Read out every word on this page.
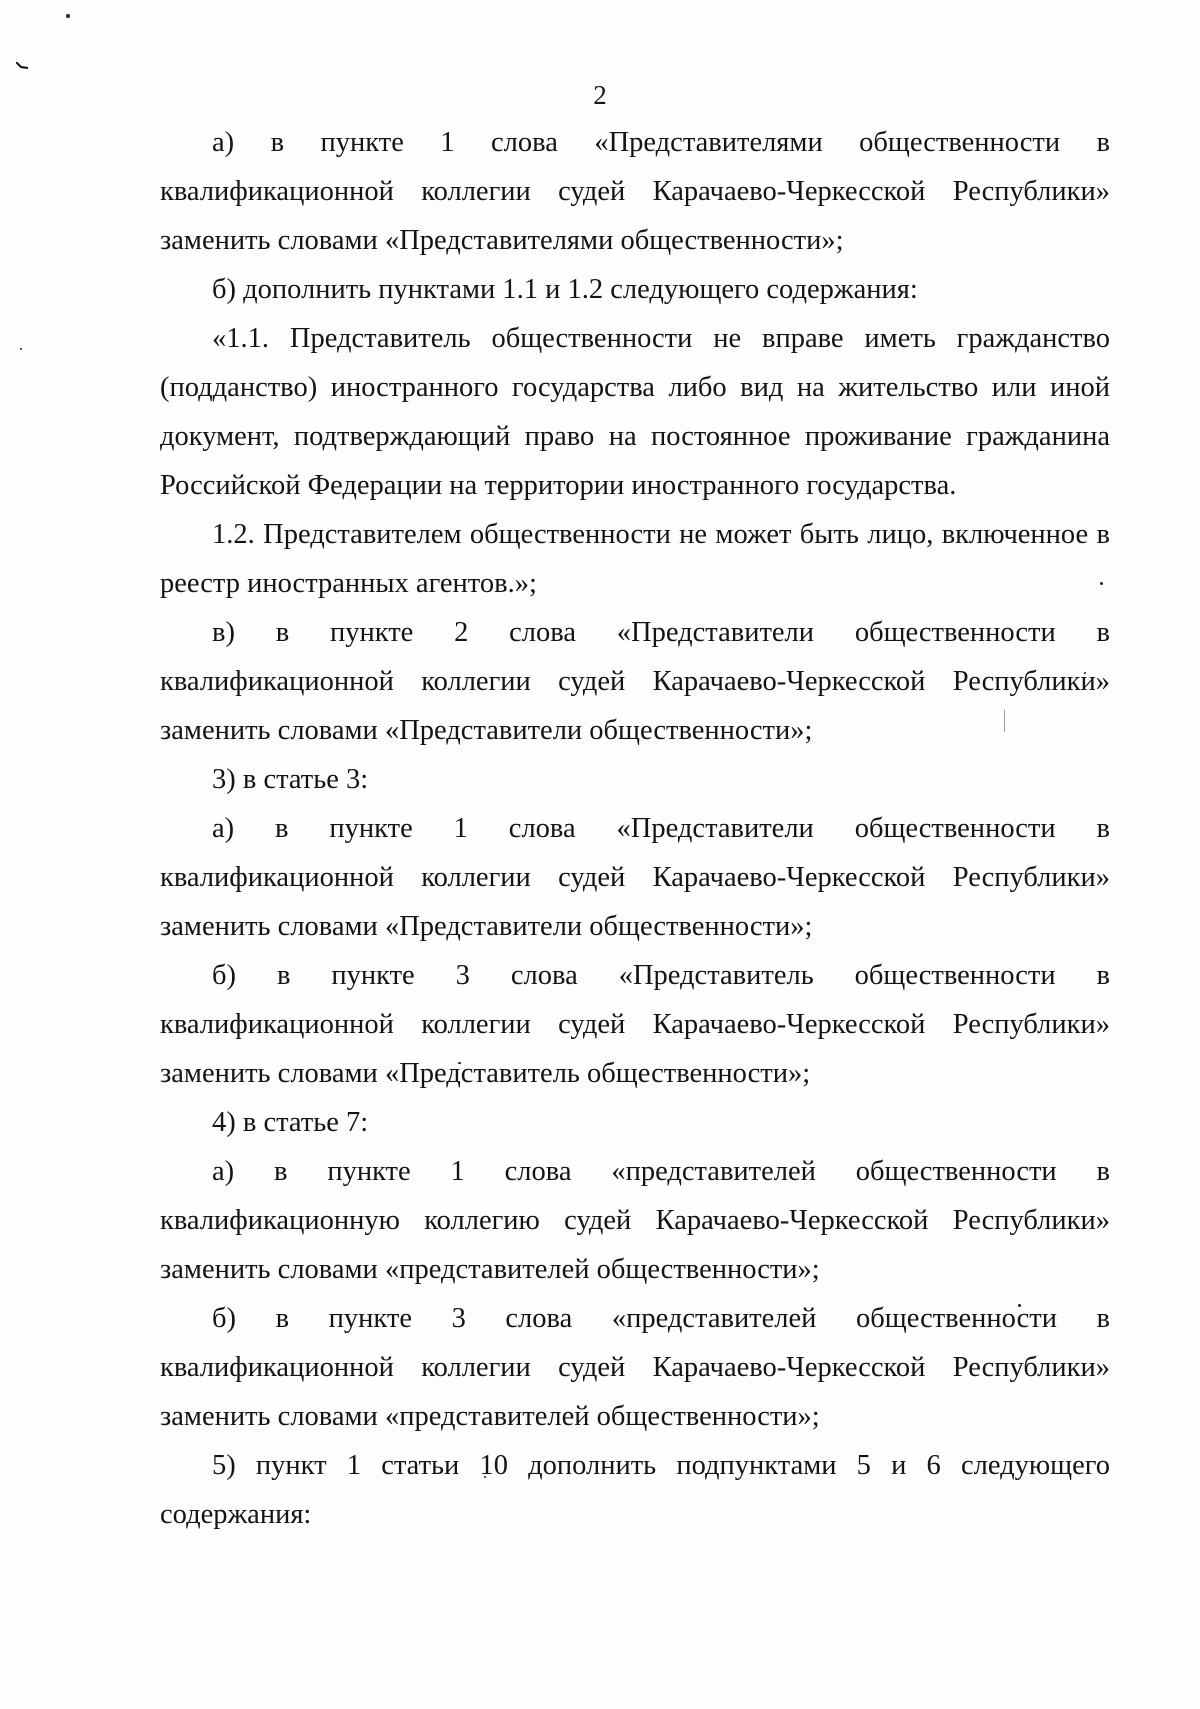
2

а) в пункте 1 слова «Представителями общественности в квалификационной коллегии судей Карачаево-Черкесской Республики» заменить словами «Представителями общественности»;

б) дополнить пунктами 1.1 и 1.2 следующего содержания:

«1.1. Представитель общественности не вправе иметь гражданство (подданство) иностранного государства либо вид на жительство или иной документ, подтверждающий право на постоянное проживание гражданина Российской Федерации на территории иностранного государства.

1.2. Представителем общественности не может быть лицо, включенное в реестр иностранных агентов.»;

в) в пункте 2 слова «Представители общественности в квалификационной коллегии судей Карачаево-Черкесской Республики» заменить словами «Представители общественности»;

3) в статье 3:

а) в пункте 1 слова «Представители общественности в квалификационной коллегии судей Карачаево-Черкесской Республики» заменить словами «Представители общественности»;

б) в пункте 3 слова «Представитель общественности в квалификационной коллегии судей Карачаево-Черкесской Республики» заменить словами «Представитель общественности»;

4) в статье 7:

а) в пункте 1 слова «представителей общественности в квалификационную коллегию судей Карачаево-Черкесской Республики» заменить словами «представителей общественности»;

б) в пункте 3 слова «представителей общественности в квалификационной коллегии судей Карачаево-Черкесской Республики» заменить словами «представителей общественности»;

5) пункт 1 статьи 10 дополнить подпунктами 5 и 6 следующего содержания:
